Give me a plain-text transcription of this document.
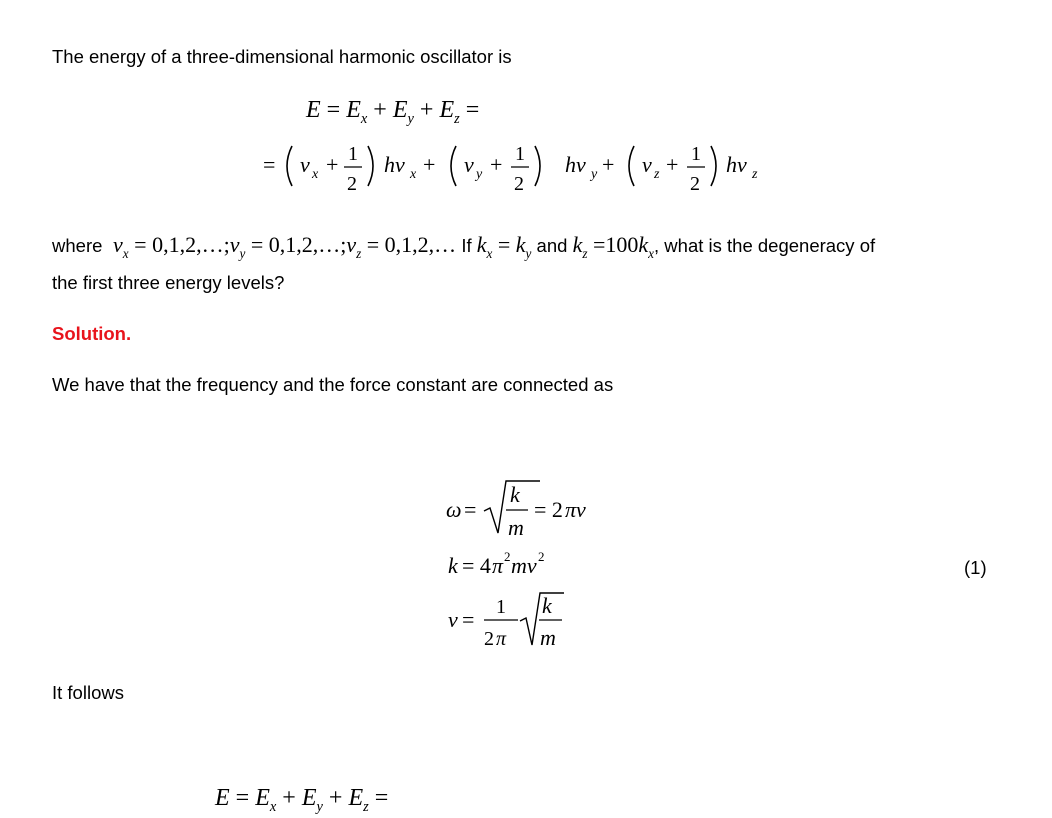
The energy of a three-dimensional harmonic oscillator is
$E = E_x + E_y + E_z$ =
= v x + 1
2
hv x + v y + 1
2
hv y + v z + 1
2
hv z
where  $v_x$ = $0,1,2,\dots;v_y$ = $0,1,2,\dots;v_z$ = 0,1,2,… If $k_x = k_y$ and $k_z =100k_x$, what is the degeneracy of
the first three energy levels?
Solution.
We have that the frequency and the force constant are connected as
ω =
k
m
= 2 πv
k = 4 π 2 mv 2
v = 1
2 π
k
m
(1)
It follows
$E = E_x + E_y + E_z$ =
